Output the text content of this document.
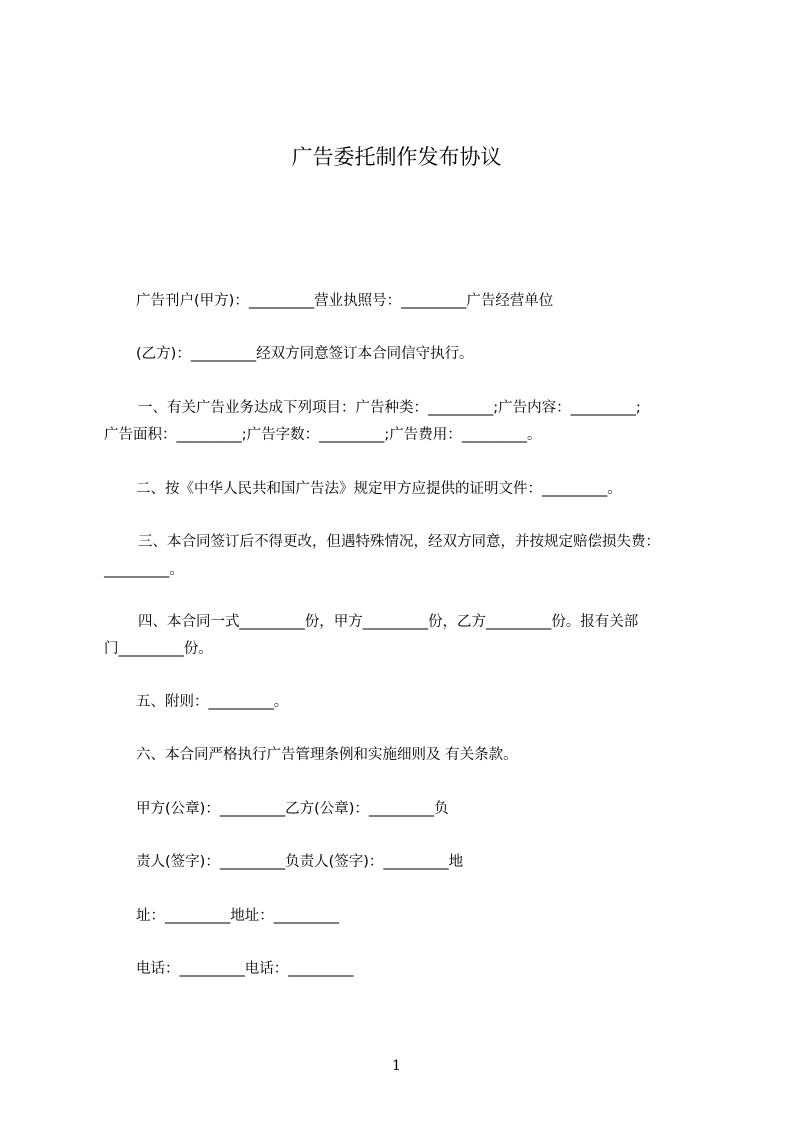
广告委托制作发布协议

广告刊户(甲方)：_________营业执照号：_________广告经营单位

(乙方)：_________经双方同意签订本合同信守执行。

一、有关广告业务达成下列项目：广告种类：_________;广告内容：_________;

广告面积：_________;广告字数：_________;广告费用：_________。

二、按《中华人民共和国广告法》规定甲方应提供的证明文件：_________。

三、本合同签订后不得更改，但遇特殊情况，经双方同意，并按规定赔偿损失费：

_________。

四、本合同一式_________份，甲方_________份，乙方_________份。报有关部

门_________份。

五、附则：_________。

六、本合同严格执行广告管理条例和实施细则及 有关条款。

甲方(公章)：_________乙方(公章)：_________负

责人(签字)：_________负责人(签字)：_________地

址：_________地址：_________

电话：_________电话：_________

1
